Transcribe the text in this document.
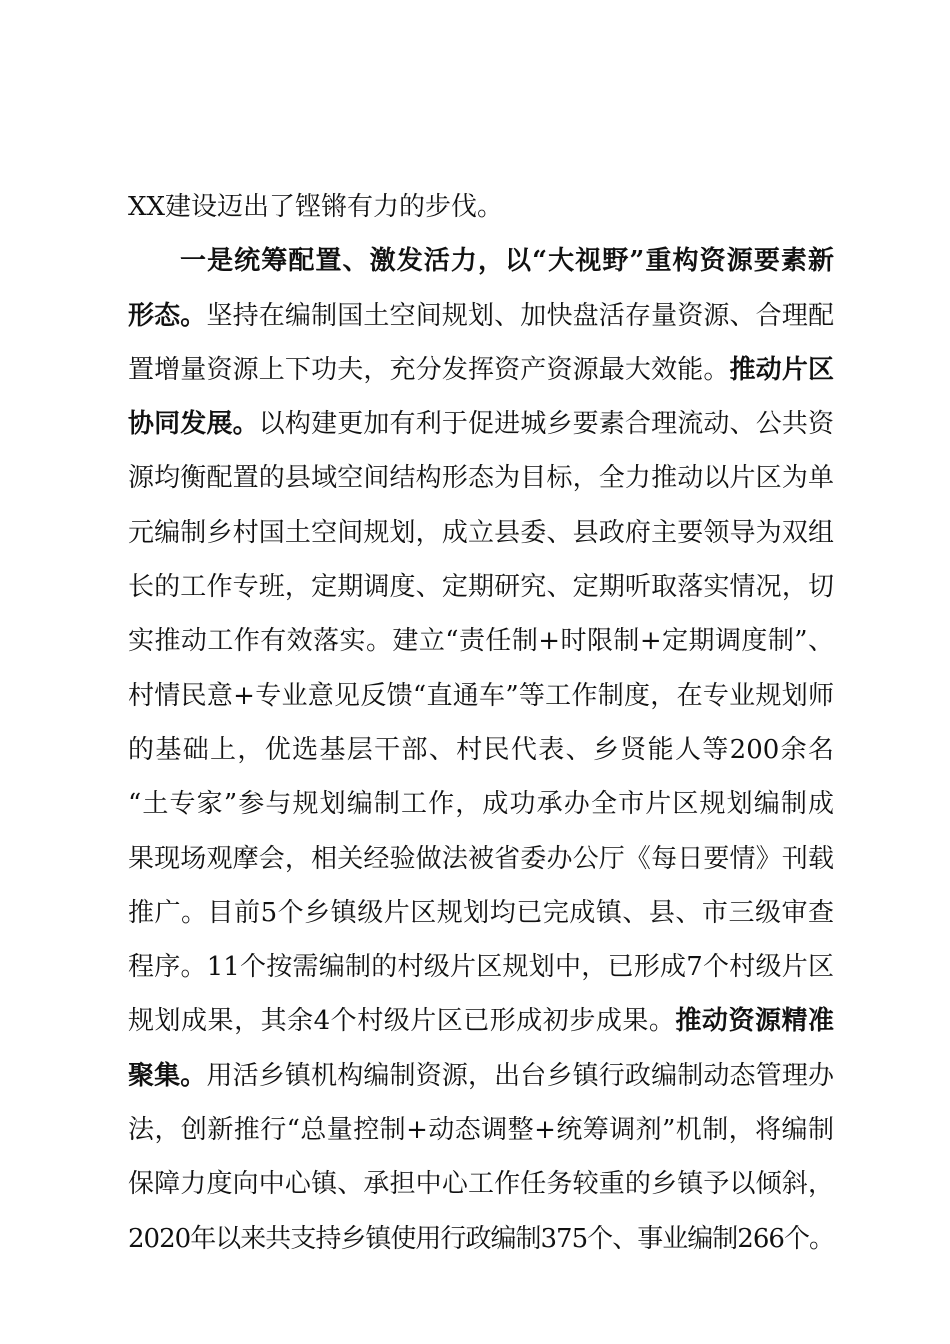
XX建设迈出了铿锵有力的步伐。
一是统筹配置、激发活力，以“大视野”重构资源要素新
形态。坚持在编制国土空间规划、加快盘活存量资源、合理配
置增量资源上下功夫，充分发挥资产资源最大效能。推动片区
协同发展。以构建更加有利于促进城乡要素合理流动、公共资
源均衡配置的县域空间结构形态为目标，全力推动以片区为单
元编制乡村国土空间规划，成立县委、县政府主要领导为双组
长的工作专班，定期调度、定期研究、定期听取落实情况，切
实推动工作有效落实。建立“责任制+时限制+定期调度制”、
村情民意+专业意见反馈“直通车”等工作制度，在专业规划师
的基础上，优选基层干部、村民代表、乡贤能人等200余名
“土专家”参与规划编制工作，成功承办全市片区规划编制成
果现场观摩会，相关经验做法被省委办公厅《每日要情》刊载
推广。目前5个乡镇级片区规划均已完成镇、县、市三级审查
程序。11个按需编制的村级片区规划中，已形成7个村级片区
规划成果，其余4个村级片区已形成初步成果。推动资源精准
聚集。用活乡镇机构编制资源，出台乡镇行政编制动态管理办
法，创新推行“总量控制+动态调整+统筹调剂”机制，将编制
保障力度向中心镇、承担中心工作任务较重的乡镇予以倾斜，
2020年以来共支持乡镇使用行政编制375个、事业编制266个。
